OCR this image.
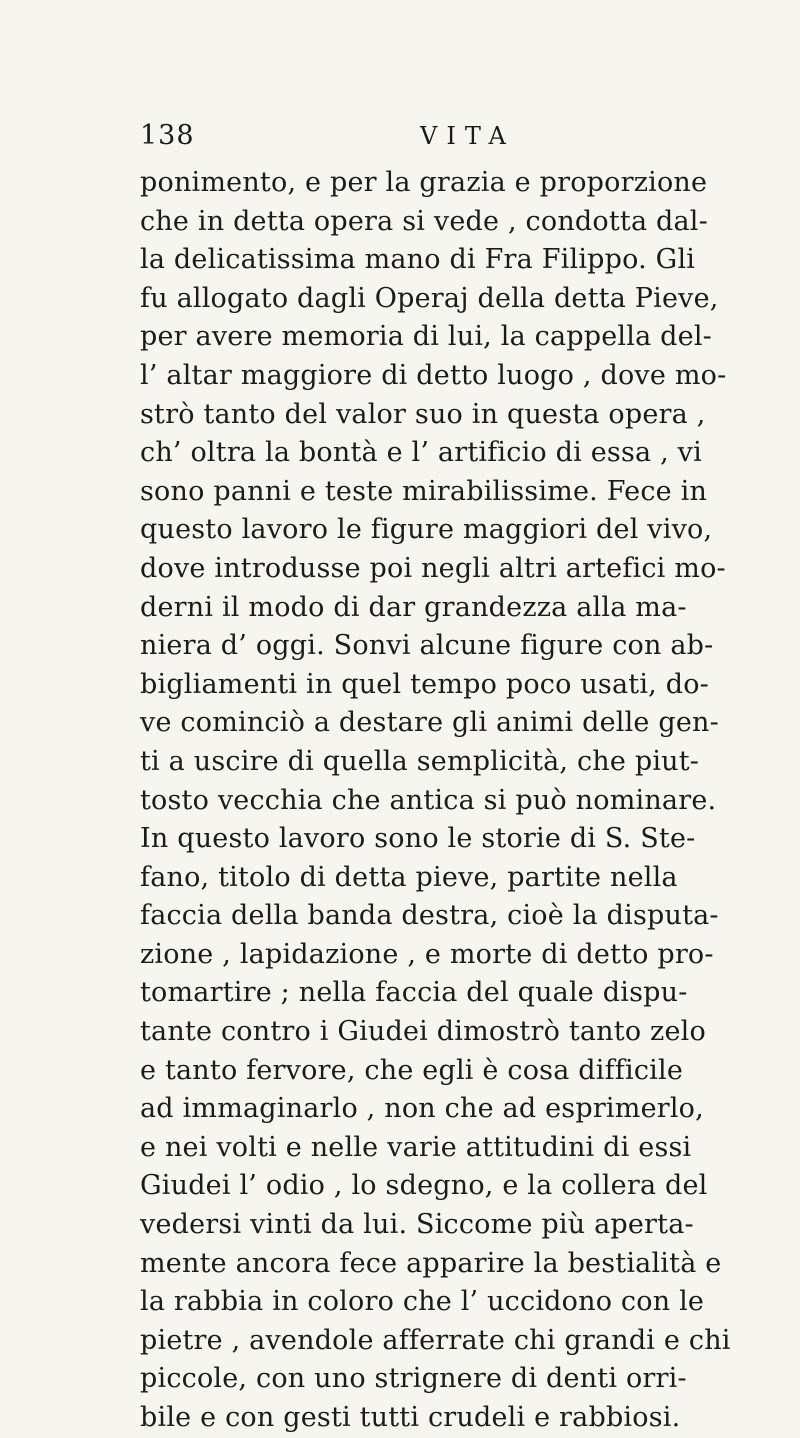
138	VITA
ponimento, e per la grazia e proporzione
che in detta opera si vede , condotta dal-
la delicatissima mano di Fra Filippo. Gli
fu allogato dagli Operaj della detta Pieve,
per avere memoria di lui, la cappella del-
l’ altar maggiore di detto luogo , dove mo-
strò tanto del valor suo in questa opera ,
ch’ oltra la bontà e l’ artificio di essa , vi
sono panni e teste mirabilissime. Fece in
questo lavoro le figure maggiori del vivo,
dove introdusse poi negli altri artefici mo-
derni il modo di dar grandezza alla ma-
niera d’ oggi. Sonvi alcune figure con ab-
bigliamenti in quel tempo poco usati, do-
ve cominciò a destare gli animi delle gen-
ti a uscire di quella semplicità, che piut-
tosto vecchia che antica si può nominare.
In questo lavoro sono le storie di S. Ste-
fano, titolo di detta pieve, partite nella
faccia della banda destra, cioè la disputa-
zione , lapidazione , e morte di detto pro-
tomartire ; nella faccia del quale dispu-
tante contro i Giudei dimostrò tanto zelo
e tanto fervore, che egli è cosa difficile
ad immaginarlo , non che ad esprimerlo,
e nei volti e nelle varie attitudini di essi
Giudei l’ odio , lo sdegno, e la collera del
vedersi vinti da lui. Siccome più aperta-
mente ancora fece apparire la bestialità e
la rabbia in coloro che l’ uccidono con le
pietre , avendole afferrate chi grandi e chi
piccole, con uno strignere di denti orri-
bile e con gesti tutti crudeli e rabbiosi.
